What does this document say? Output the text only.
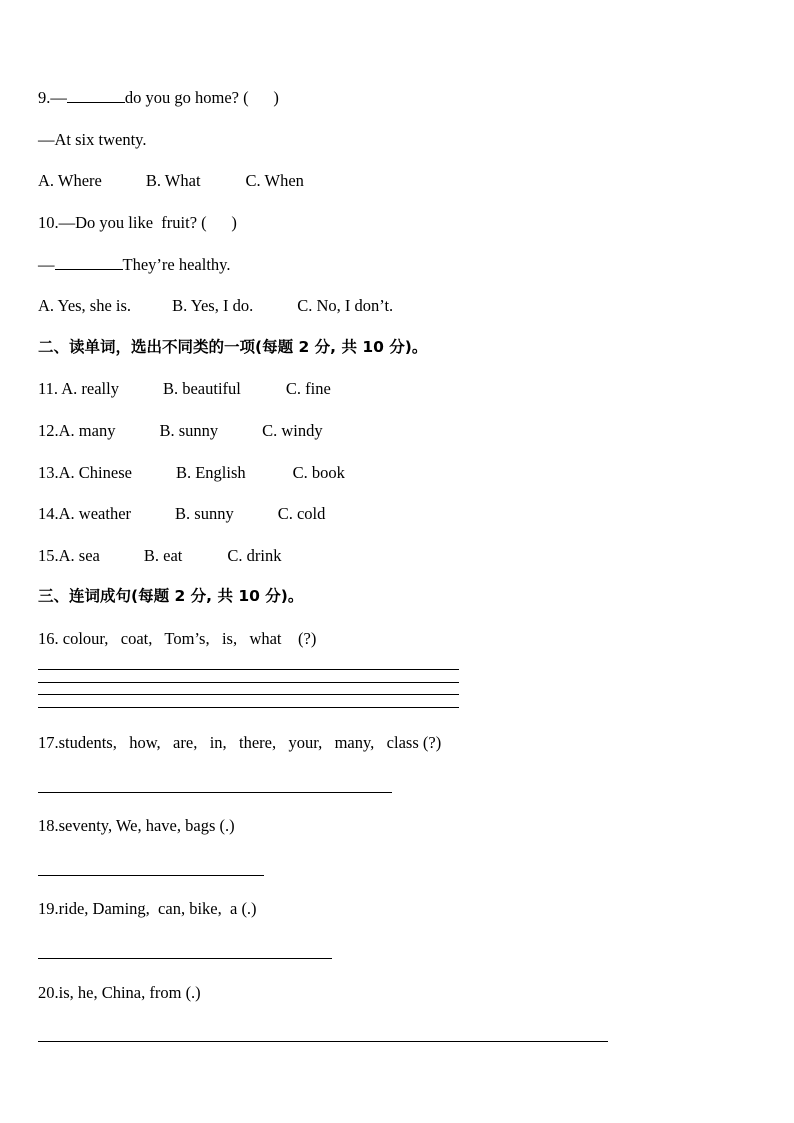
9.—	do you go home? (      )
—At six twenty.
A. Where	B. What	C. When
10.—Do you like  fruit? (      )
—	They’re healthy.
A. Yes, she is. B. Yes, I do.	C. No, I don’t.
二、读单词，选出不同类的一项(每题 2 分, 共 10 分)。
11. A. really	B. beautiful	C. fine
12.A. many	B. sunny	C. windy
13.A. Chinese	B. English	C. book
14.A. weather	B. sunny	C. cold
15.A. sea	B. eat	C. drink
三、连词成句(每题 2 分, 共 10 分)。
16. colour,   coat,   Tom’s,   is,   what    (?)
17.students,   how,   are,   in,   there,   your,   many,   class (?)
18.seventy, We, have, bags (.)
19.ride, Daming,  can, bike,  a (.)
20.is, he, China, from (.)
